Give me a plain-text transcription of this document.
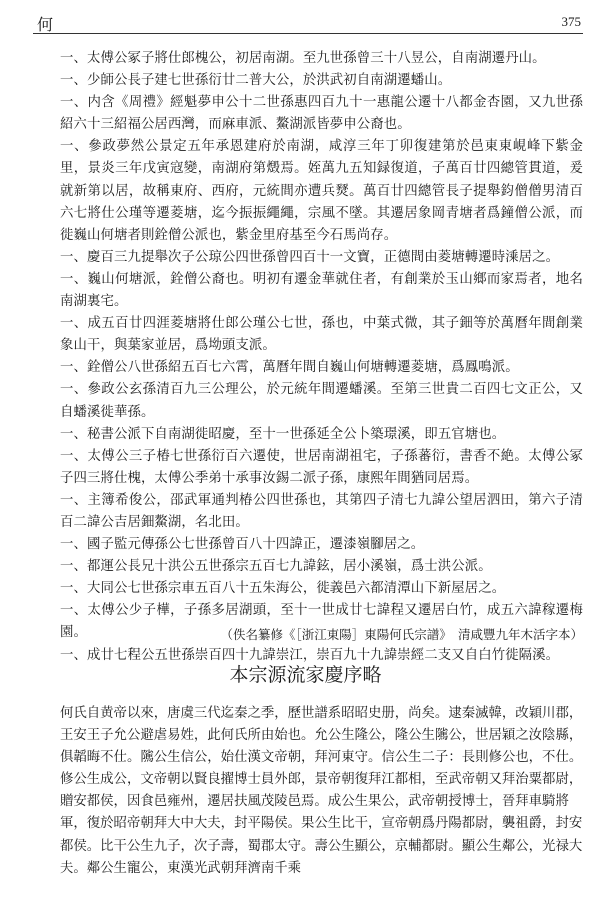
何	375

一、太傅公冢子將仕郎槐公，初居南湖。至九世孫曾三十八昱公，自南湖遷丹山。

一、少師公長子建七世孫衍廿二普大公，於洪武初自南湖遷蟠山。

一、内含《周禮》經魁夢申公十二世孫惠四百九十一惠龍公遷十八都金杏園，又九世孫紹六十三紹福公居西灣，而麻車派、鰲湖派皆夢申公裔也。

一、參政夢然公景定五年承恩建府於南湖，咸淳三年丁卯復建第於邑東東峴峰下紫金里，景炎三年戊寅寇變，南湖府第燬焉。姪萬九五知録復道，子萬百廿四總管貫道，爰就新第以居，故稱東府、西府，元統間亦遭兵燹。萬百廿四總管長子提舉鈞僧僧男清百六七將仕公瑾等遷菱塘，迄今振振繩繩，宗風不墜。其遷居象岡青塘者爲鐘僧公派，而徙巍山何塘者則銓僧公派也，紫金里府基至今石馬尚存。

一、慶百三九提舉次子公琼公四世孫曾四百十一文寶，正德間由菱塘轉遷時溗居之。

一、巍山何塘派，銓僧公裔也。明初有遷金華就住者，有創業於玉山鄉而家焉者，地名南湖裏宅。

一、成五百廿四涯菱塘將仕郎公瑾公七世，孫也，中葉式微，其子鈿等於萬曆年間創業象山干，與葉家並居，爲坳頭支派。

一、銓僧公八世孫紹五百七六霄，萬曆年間自巍山何塘轉遷菱塘，爲鳳鳴派。

一、參政公玄孫清百九三公理公，於元統年間遷蟠溪。至第三世貴二百四七文正公，又自蟠溪徙華孫。

一、秘書公派下自南湖徙昭慶，至十一世孫延全公卜築璟溪，即五官塘也。

一、太傅公三子椿七世孫衍百六遷使，世居南湖祖宅，子孫蕃衍，書香不絶。太傅公冢子四三將仕槐，太傅公季弟十承事汝錫二派子孫，康熙年間猶同居焉。

一、主簿希俊公，邵武軍通判椿公四世孫也，其第四子清七九諱公望居泗田，第六子清百二諱公吉居鈿鰲湖，名北田。

一、國子監元傳孫公七世孫曾百八十四諱正，遷漆嶺腳居之。

一、都運公長兄十洪公五世孫宗五百七九諱鉉，居小溪嶺，爲士洪公派。

一、大同公七世孫宗車五百八十五朱海公，徙義邑六都清潭山下新屋居之。

一、太傅公少子樺，子孫多居湖頭，至十一世成廿七諱程又遷居白竹，成五六諱稼遷梅園。

一、成廿七程公五世孫崇百四十九諱崇江，崇百九十九諱崇經二支又自白竹徙隔溪。

（佚名纂修《［浙江東陽］東陽何氏宗譜》　清咸豐九年木活字本）
本宗源流家慶序略
何氏自黄帝以來，唐虞三代迄秦之季，歷世譜系昭昭史册，尚矣。逮秦滅韓，改穎川郡，王安王子允公避虐易姓，此何氏所由始也。允公生隆公，隆公生隲公，世居穎之汝陰縣，俱韜晦不仕。隲公生信公，始仕漢文帝朝，拜河東守。信公生二子：長則修公也，不仕。修公生成公，文帝朝以賢良擢博士員外郎，景帝朝復拜江都相，至武帝朝又拜治粟都尉，贈安都侯，因食邑雍州，遷居扶風茂陵邑焉。成公生果公，武帝朝授博士，晉拜車騎將軍，復於昭帝朝拜大中大夫，封平陽侯。果公生比干，宣帝朝爲丹陽都尉，襲祖爵，封安都侯。比干公生九子，次子壽，蜀郡太守。壽公生顯公，京輔都尉。顯公生鄰公，光禄大夫。鄰公生寵公，東漢光武朝拜濟南千乘
